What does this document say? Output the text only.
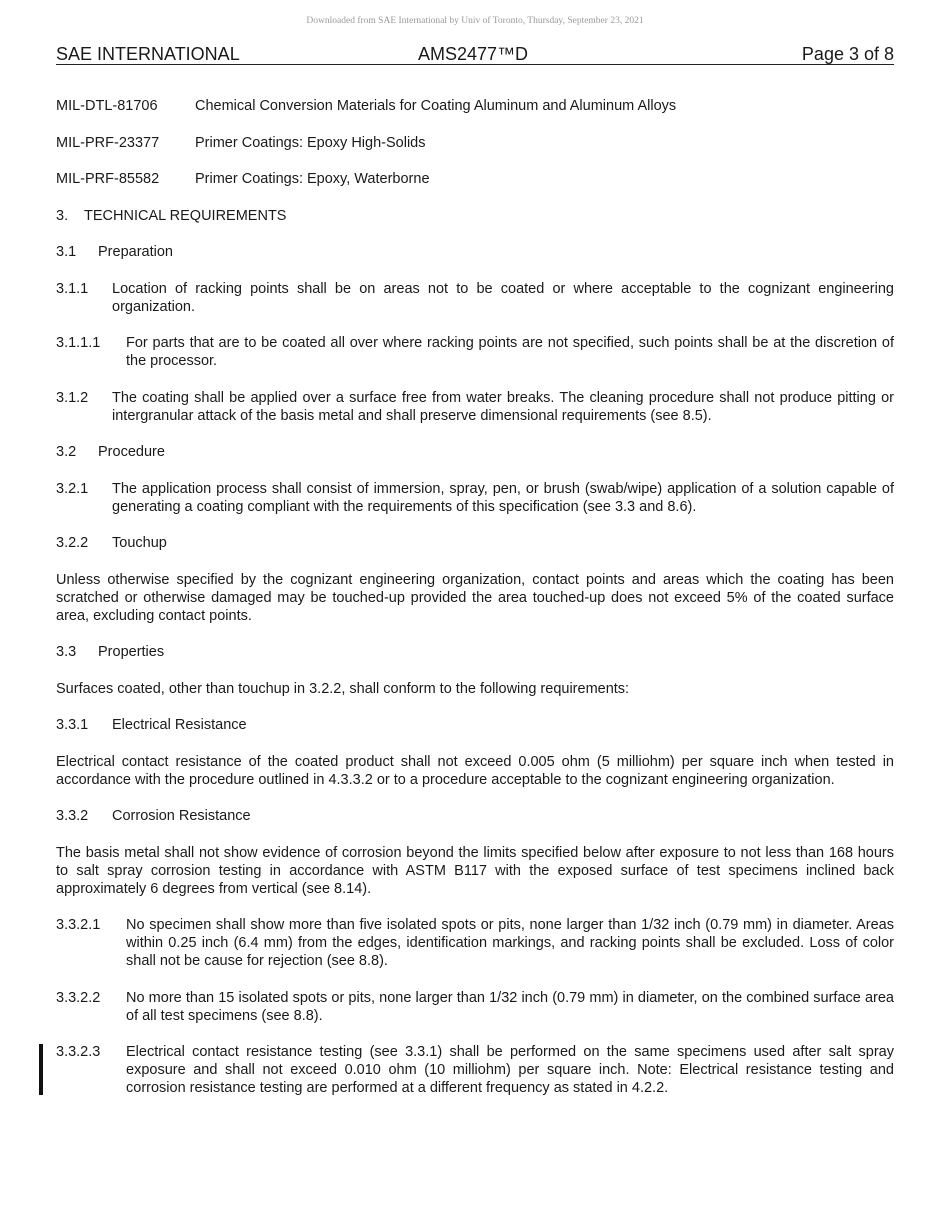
Downloaded from SAE International by Univ of Toronto, Thursday, September 23, 2021
SAE INTERNATIONAL	AMS2477™D	Page 3 of 8
MIL-DTL-81706	Chemical Conversion Materials for Coating Aluminum and Aluminum Alloys
MIL-PRF-23377	Primer Coatings: Epoxy High-Solids
MIL-PRF-85582	Primer Coatings: Epoxy, Waterborne
3.	TECHNICAL REQUIREMENTS
3.1	Preparation
3.1.1	Location of racking points shall be on areas not to be coated or where acceptable to the cognizant engineering organization.
3.1.1.1	For parts that are to be coated all over where racking points are not specified, such points shall be at the discretion of the processor.
3.1.2	The coating shall be applied over a surface free from water breaks. The cleaning procedure shall not produce pitting or intergranular attack of the basis metal and shall preserve dimensional requirements (see 8.5).
3.2	Procedure
3.2.1	The application process shall consist of immersion, spray, pen, or brush (swab/wipe) application of a solution capable of generating a coating compliant with the requirements of this specification (see 3.3 and 8.6).
3.2.2	Touchup
Unless otherwise specified by the cognizant engineering organization, contact points and areas which the coating has been scratched or otherwise damaged may be touched-up provided the area touched-up does not exceed 5% of the coated surface area, excluding contact points.
3.3	Properties
Surfaces coated, other than touchup in 3.2.2, shall conform to the following requirements:
3.3.1	Electrical Resistance
Electrical contact resistance of the coated product shall not exceed 0.005 ohm (5 milliohm) per square inch when tested in accordance with the procedure outlined in 4.3.3.2 or to a procedure acceptable to the cognizant engineering organization.
3.3.2	Corrosion Resistance
The basis metal shall not show evidence of corrosion beyond the limits specified below after exposure to not less than 168 hours to salt spray corrosion testing in accordance with ASTM B117 with the exposed surface of test specimens inclined back approximately 6 degrees from vertical (see 8.14).
3.3.2.1	No specimen shall show more than five isolated spots or pits, none larger than 1/32 inch (0.79 mm) in diameter. Areas within 0.25 inch (6.4 mm) from the edges, identification markings, and racking points shall be excluded. Loss of color shall not be cause for rejection (see 8.8).
3.3.2.2	No more than 15 isolated spots or pits, none larger than 1/32 inch (0.79 mm) in diameter, on the combined surface area of all test specimens (see 8.8).
3.3.2.3	Electrical contact resistance testing (see 3.3.1) shall be performed on the same specimens used after salt spray exposure and shall not exceed 0.010 ohm (10 milliohm) per square inch. Note: Electrical resistance testing and corrosion resistance testing are performed at a different frequency as stated in 4.2.2.
